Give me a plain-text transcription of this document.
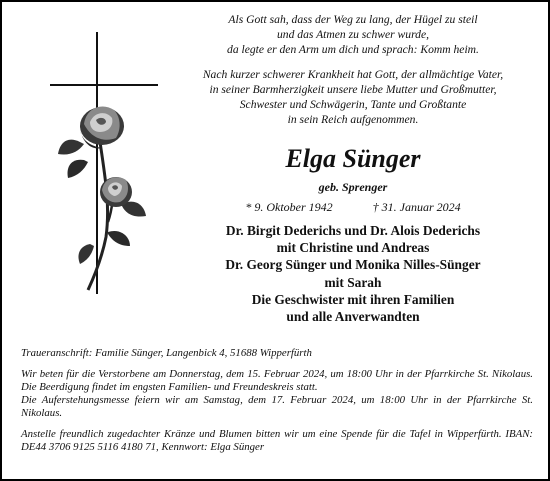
Als Gott sah, dass der Weg zu lang, der Hügel zu steil

und das Atmen zu schwer wurde,

da legte er den Arm um dich und sprach: Komm heim.

Nach kurzer schwerer Krankheit hat Gott, der allmächtige Vater,

in seiner Barmherzigkeit unsere liebe Mutter und Großmutter,

Schwester und Schwägerin, Tante und Großtante

in sein Reich aufgenommen.

Elga Sünger
geb. Sprenger
* 9. Oktober 1942	† 31. Januar 2024
Dr. Birgit Dederichs und Dr. Alois Dederichs
mit Christine und Andreas
Dr. Georg Sünger und Monika Nilles-Sünger
mit Sarah
Die Geschwister mit ihren Familien
und alle Anverwandten

Traueranschrift: Familie Sünger, Langenbick 4, 51688 Wipperfürth

Wir beten für die Verstorbene am Donnerstag, dem 15. Februar 2024, um 18:00 Uhr in der Pfarrkirche St. Nikolaus. Die Beerdigung findet im engsten Familien- und Freundeskreis statt.

Die Auferstehungsmesse feiern wir am Samstag, dem 17. Februar 2024, um 18:00 Uhr in der Pfarrkirche St. Nikolaus.

Anstelle freundlich zugedachter Kränze und Blumen bitten wir um eine Spende für die Tafel in Wipperfürth. IBAN: DE44 3706 9125 5116 4180 71, Kennwort: Elga Sünger
